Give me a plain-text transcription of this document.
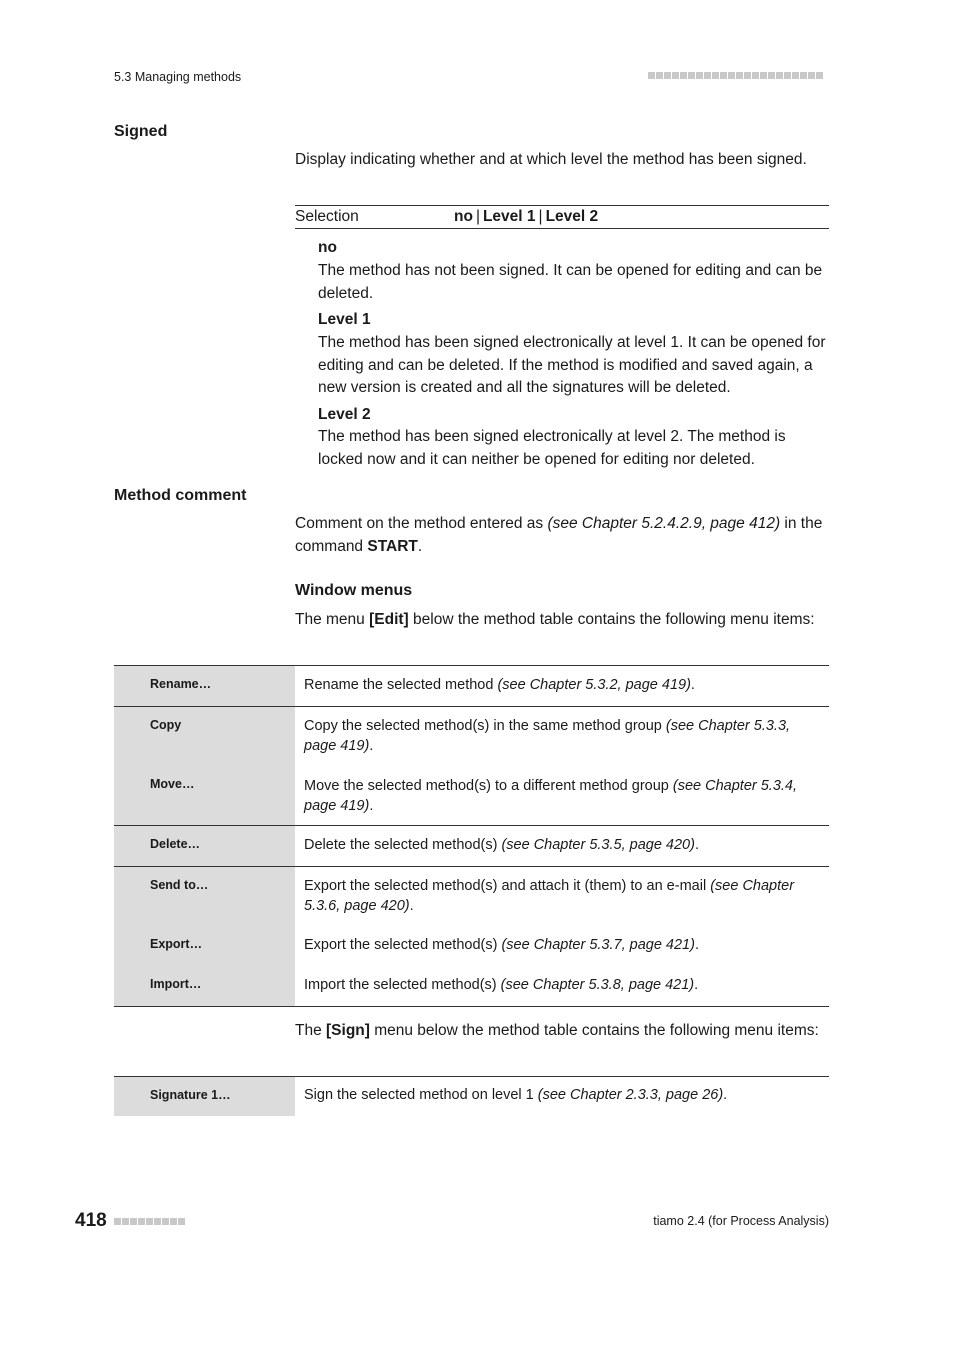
5.3 Managing methods
Signed
Display indicating whether and at which level the method has been signed.
Selection	no | Level 1 | Level 2
no
The method has not been signed. It can be opened for editing and can be deleted.
Level 1
The method has been signed electronically at level 1. It can be opened for editing and can be deleted. If the method is modified and saved again, a new version is created and all the signatures will be deleted.
Level 2
The method has been signed electronically at level 2. The method is locked now and it can neither be opened for editing nor deleted.
Method comment
Comment on the method entered as (see Chapter 5.2.4.2.9, page 412) in the command START.
Window menus
The menu [Edit] below the method table contains the following menu items:
Rename…	Rename the selected method (see Chapter 5.3.2, page 419).
Copy	Copy the selected method(s) in the same method group (see Chapter 5.3.3, page 419).
Move…	Move the selected method(s) to a different method group (see Chapter 5.3.4, page 419).
Delete…	Delete the selected method(s) (see Chapter 5.3.5, page 420).
Send to…	Export the selected method(s) and attach it (them) to an e-mail (see Chapter 5.3.6, page 420).
Export…	Export the selected method(s) (see Chapter 5.3.7, page 421).
Import…	Import the selected method(s) (see Chapter 5.3.8, page 421).
The [Sign] menu below the method table contains the following menu items:
Signature 1…	Sign the selected method on level 1 (see Chapter 2.3.3, page 26).
418	tiamo 2.4 (for Process Analysis)
